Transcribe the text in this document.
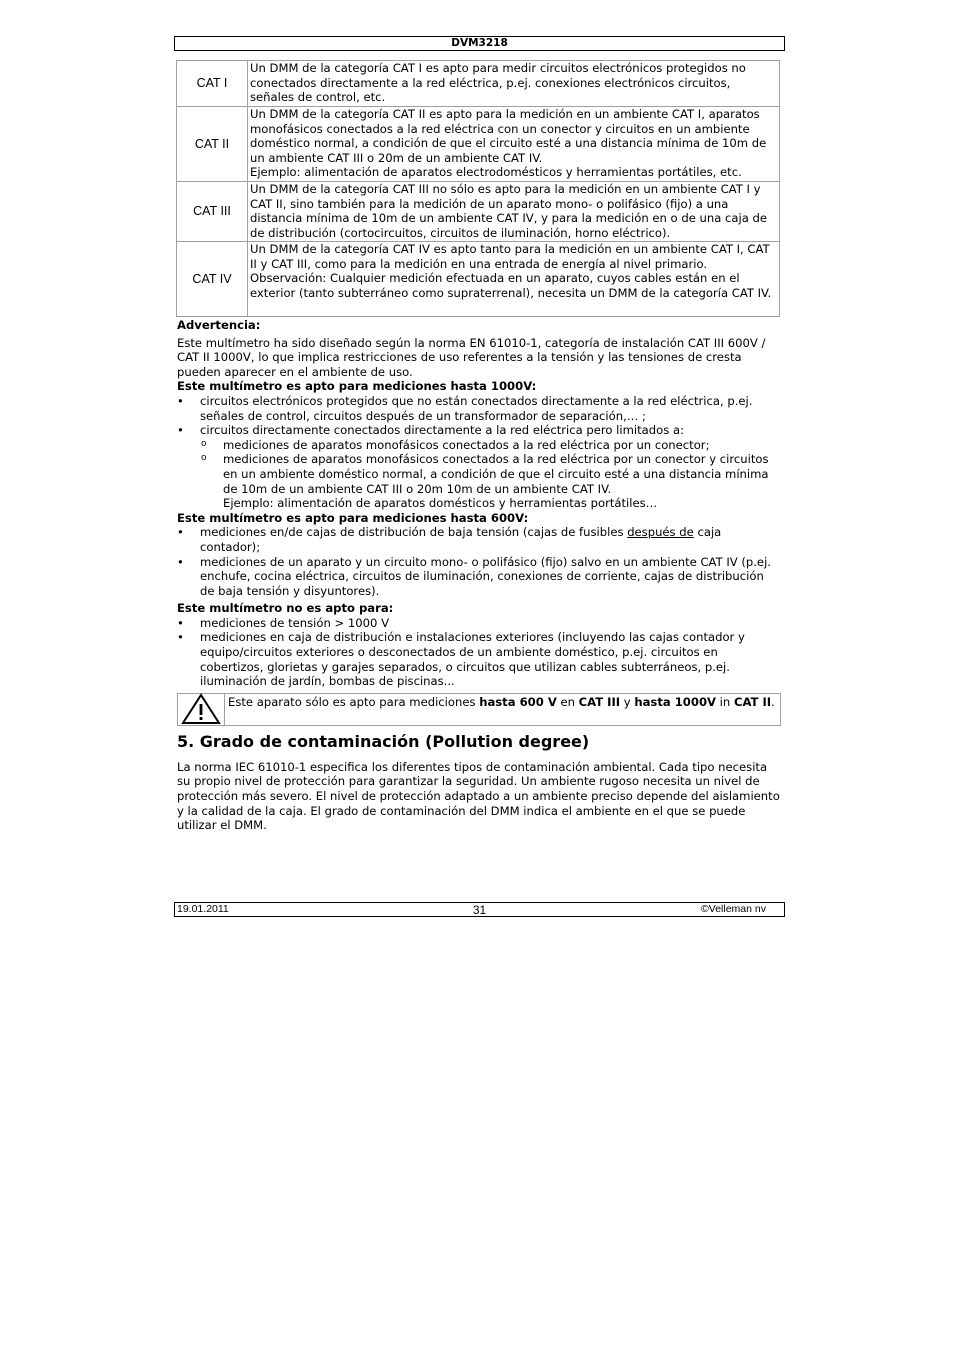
DVM3218
CAT I	Un DMM de la categoría CAT I es apto para medir circuitos electrónicos protegidos no conectados directamente a la red eléctrica, p.ej. conexiones electrónicos circuitos, señales de control, etc.
CAT II	Un DMM de la categoría CAT II es apto para la medición en un ambiente CAT I, aparatos monofásicos conectados a la red eléctrica con un conector y circuitos en un ambiente doméstico normal, a condición de que el circuito esté a una distancia mínima de 10m de un ambiente CAT III o 20m de un ambiente CAT IV.
Ejemplo: alimentación de aparatos electrodomésticos y herramientas portátiles, etc.

CAT III	Un DMM de la categoría CAT III no sólo es apto para la medición en un ambiente CAT I y CAT II, sino también para la medición de un aparato mono- o polifásico (fijo) a una distancia mínima de 10m de un ambiente CAT IV, y para la medición en o de una caja de de distribución (cortocircuitos, circuitos de iluminación, horno eléctrico).
CAT IV	Un DMM de la categoría CAT IV es apto tanto para la medición en un ambiente CAT I, CAT II y CAT III, como para la medición en una entrada de energía al nivel primario.
Observación: Cualquier medición efectuada en un aparato, cuyos cables están en el exterior (tanto subterráneo como supraterrenal), necesita un DMM de la categoría CAT IV.

Advertencia:

Este multímetro ha sido diseñado según la norma EN 61010-1, categoría de instalación CAT III 600V / CAT II 1000V, lo que implica restricciones de uso referentes a la tensión y las tensiones de cresta pueden aparecer en el ambiente de uso.

Este multímetro es apto para mediciones hasta 1000V:

• circuitos electrónicos protegidos que no están conectados directamente a la red eléctrica, p.ej. señales de control, circuitos después de un transformador de separación,… ;
• circuitos directamente conectados directamente a la red eléctrica pero limitados a:
o mediciones de aparatos monofásicos conectados a la red eléctrica por un conector;
o mediciones de aparatos monofásicos conectados a la red eléctrica por un conector y circuitos en un ambiente doméstico normal, a condición de que el circuito esté a una distancia mínima de 10m de un ambiente CAT III o 20m 10m de un ambiente CAT IV.
Ejemplo: alimentación de aparatos domésticos y herramientas portátiles…

Este multímetro es apto para mediciones hasta 600V:

• mediciones en/de cajas de distribución de baja tensión (cajas de fusibles después de caja contador);
• mediciones de un aparato y un circuito mono- o polifásico (fijo) salvo en un ambiente CAT IV (p.ej. enchufe, cocina eléctrica, circuitos de iluminación, conexiones de corriente, cajas de distribución de baja tensión y disyuntores).

Este multímetro no es apto para:

• mediciones de tensión > 1000 V
• mediciones en caja de distribución e instalaciones exteriores (incluyendo las cajas contador y equipo/circuitos exteriores o desconectados de un ambiente doméstico, p.ej. circuitos en cobertizos, glorietas y garajes separados, o circuitos que utilizan cables subterráneos, p.ej. iluminación de jardín, bombas de piscinas...
Este aparato sólo es apto para mediciones hasta 600 V en CAT III y hasta 1000V in CAT II.
5. Grado de contaminación (Pollution degree)

La norma IEC 61010-1 especifica los diferentes tipos de contaminación ambiental. Cada tipo necesita su propio nivel de protección para garantizar la seguridad. Un ambiente rugoso necesita un nivel de protección más severo. El nivel de protección adaptado a un ambiente preciso depende del aislamiento y la calidad de la caja. El grado de contaminación del DMM indica el ambiente en el que se puede utilizar el DMM.

19.01.2011	31	©Velleman nv
